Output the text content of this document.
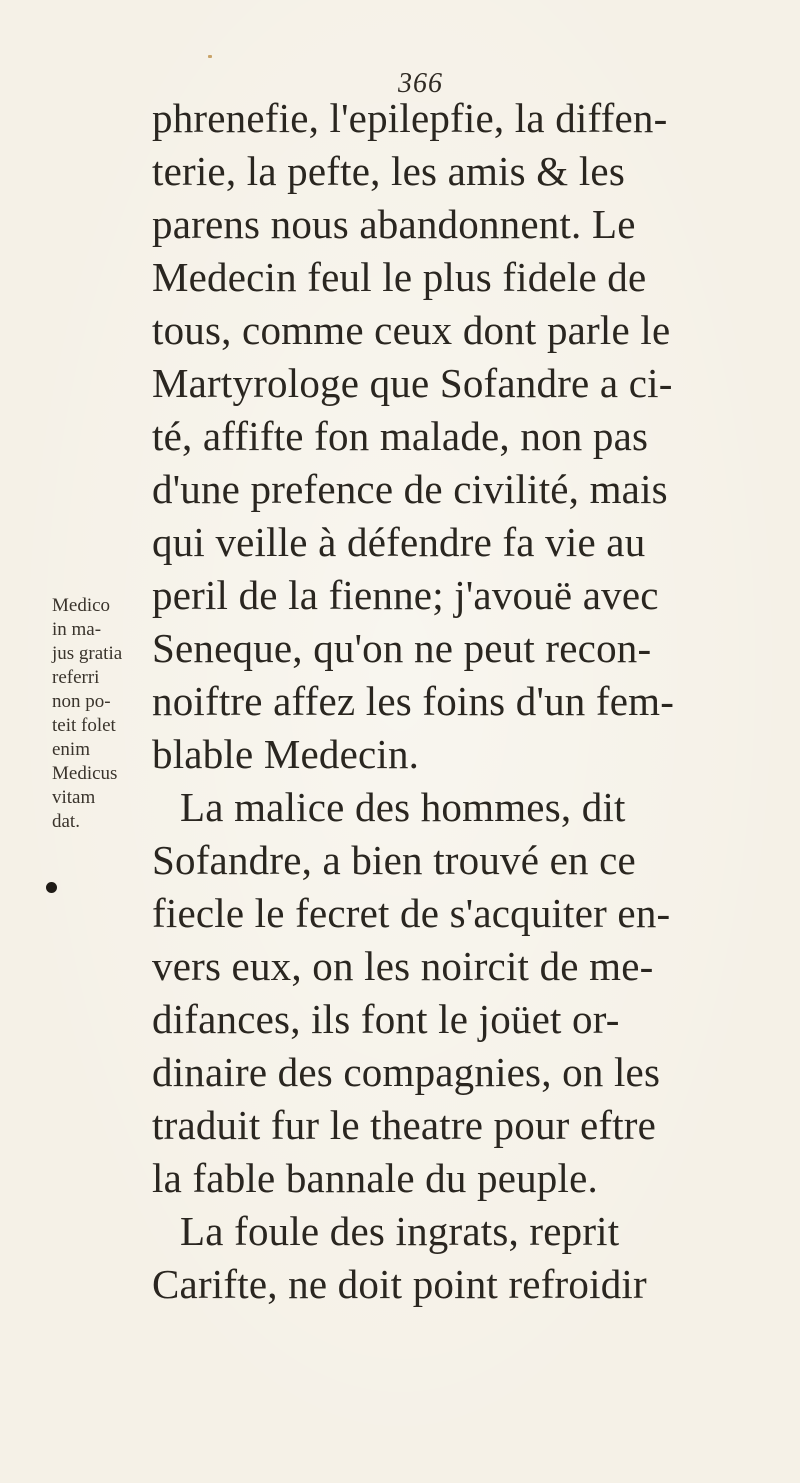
366
phrenefie, l'epilepfie, la diffen-
terie, la pefte, les amis & les
parens nous abandonnent. Le
Medecin feul le plus fidele de
tous, comme ceux dont parle le
Martyrologe que Sofandre a ci-
té, affifte fon malade, non pas
d'une prefence de civilité, mais
qui veille à défendre fa vie au
peril de la fienne; j'avouë avec
Seneque, qu'on ne peut recon-
noiftre affez les foins d'un fem-
blable Medecin.
La malice des hommes, dit
Sofandre, a bien trouvé en ce
fiecle le fecret de s'acquiter en-
vers eux, on les noircit de me-
difances, ils font le joüet or-
dinaire des compagnies, on les
traduit fur le theatre pour eftre
la fable bannale du peuple.
La foule des ingrats, reprit
Carifte, ne doit point refroidir
Medico
in ma-
jus gratia
referri
non po-
teit folet
enim
Medicus
vitam
dat.
